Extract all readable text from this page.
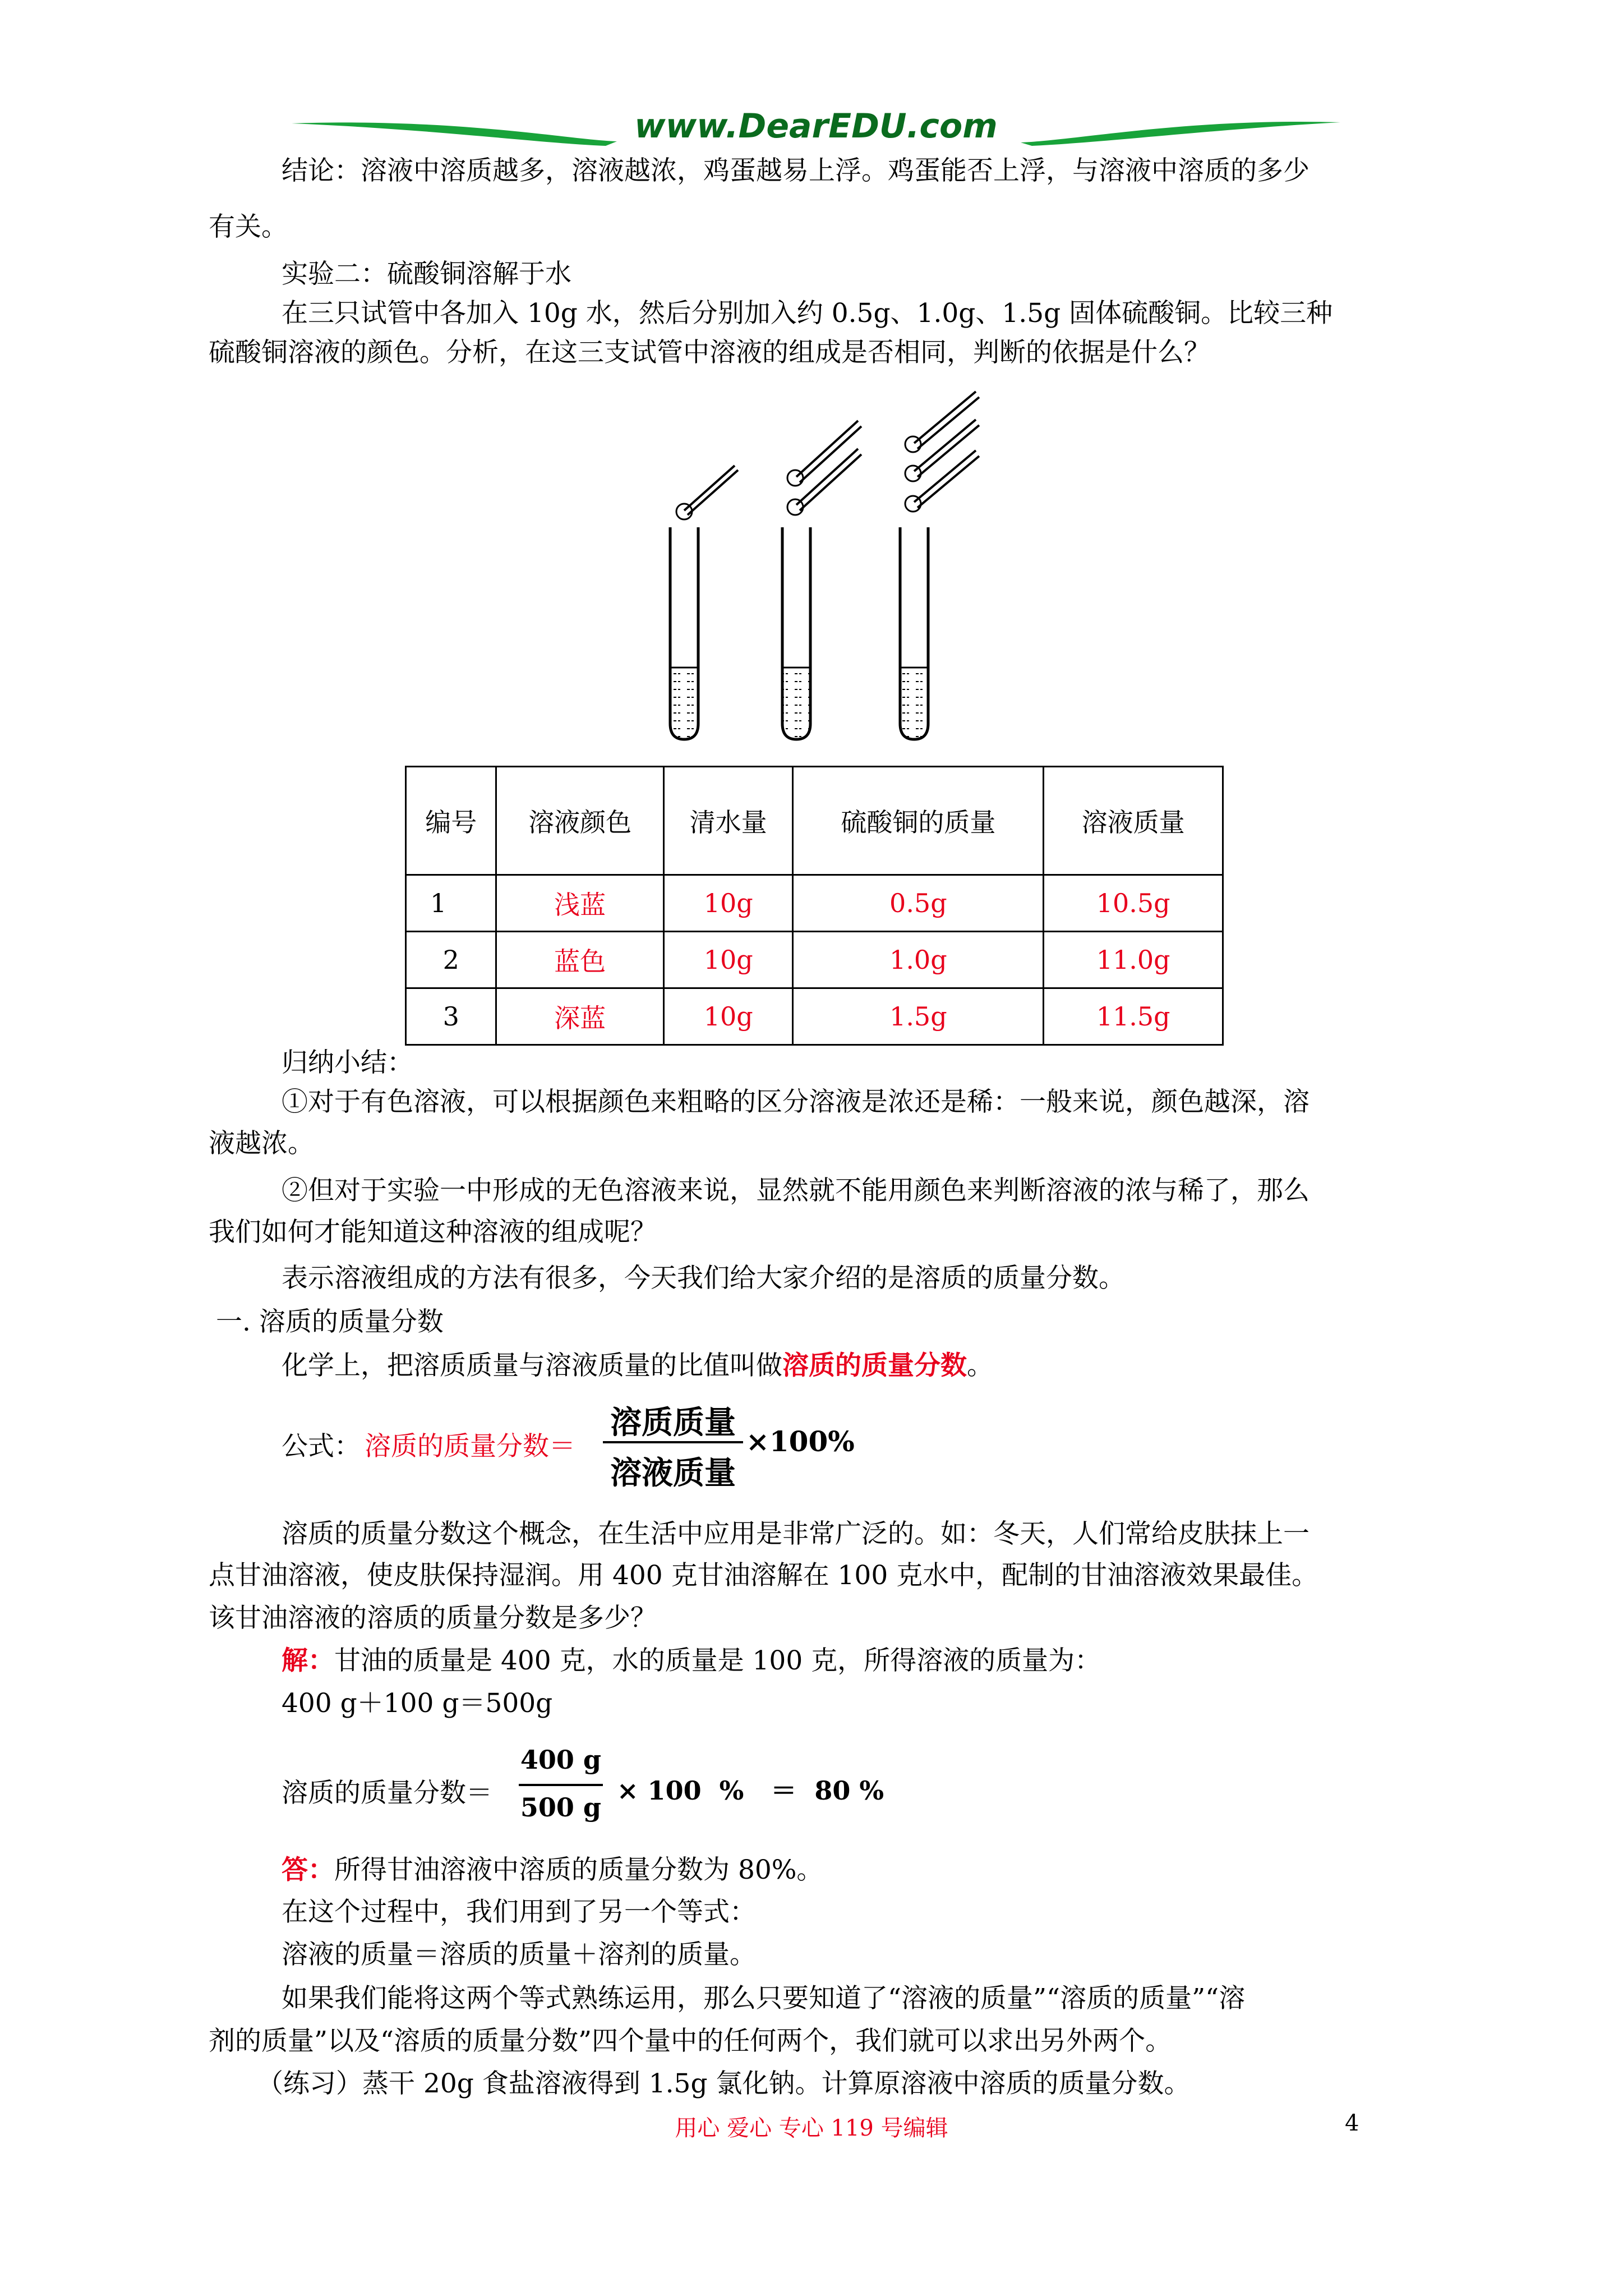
www.DearEDU.com
结论：溶液中溶质越多，溶液越浓，鸡蛋越易上浮。鸡蛋能否上浮，与溶液中溶质的多少
有关。
实验二：硫酸铜溶解于水
在三只试管中各加入 10g 水，然后分别加入约 0.5g、1.0g、1.5g 固体硫酸铜。比较三种
硫酸铜溶液的颜色。分析，在这三支试管中溶液的组成是否相同，判断的依据是什么？
编号	溶液颜色	清水量	硫酸铜的质量	溶液质量
1	浅蓝	10g	0.5g	10.5g
2	蓝色	10g	1.0g	11.0g
3	深蓝	10g	1.5g	11.5g
归纳小结：
①对于有色溶液，可以根据颜色来粗略的区分溶液是浓还是稀：一般来说，颜色越深，溶
液越浓。
②但对于实验一中形成的无色溶液来说，显然就不能用颜色来判断溶液的浓与稀了，那么
我们如何才能知道这种溶液的组成呢？
表示溶液组成的方法有很多，今天我们给大家介绍的是溶质的质量分数。
一. 溶质的质量分数
化学上，把溶质质量与溶液质量的比值叫做溶质的质量分数。
公式： 溶质的质量分数＝
溶质质量
溶液质量
×100%
溶质的质量分数这个概念，在生活中应用是非常广泛的。如：冬天，人们常给皮肤抹上一
点甘油溶液，使皮肤保持湿润。用 400 克甘油溶解在 100 克水中，配制的甘油溶液效果最佳。
该甘油溶液的溶质的质量分数是多少？
解：甘油的质量是 400 克，水的质量是 100 克，所得溶液的质量为：
400 g＋100 g＝500g
溶质的质量分数＝
400 g
500 g
× 100  %   ＝  80 %
答：所得甘油溶液中溶质的质量分数为 80%。
在这个过程中，我们用到了另一个等式：
溶液的质量＝溶质的质量＋溶剂的质量。
如果我们能将这两个等式熟练运用，那么只要知道了“溶液的质量”“溶质的质量”“溶
剂的质量”以及“溶质的质量分数”四个量中的任何两个，我们就可以求出另外两个。
（练习）蒸干 20g 食盐溶液得到 1.5g 氯化钠。计算原溶液中溶质的质量分数。
用心 爱心 专心 119 号编辑	4
